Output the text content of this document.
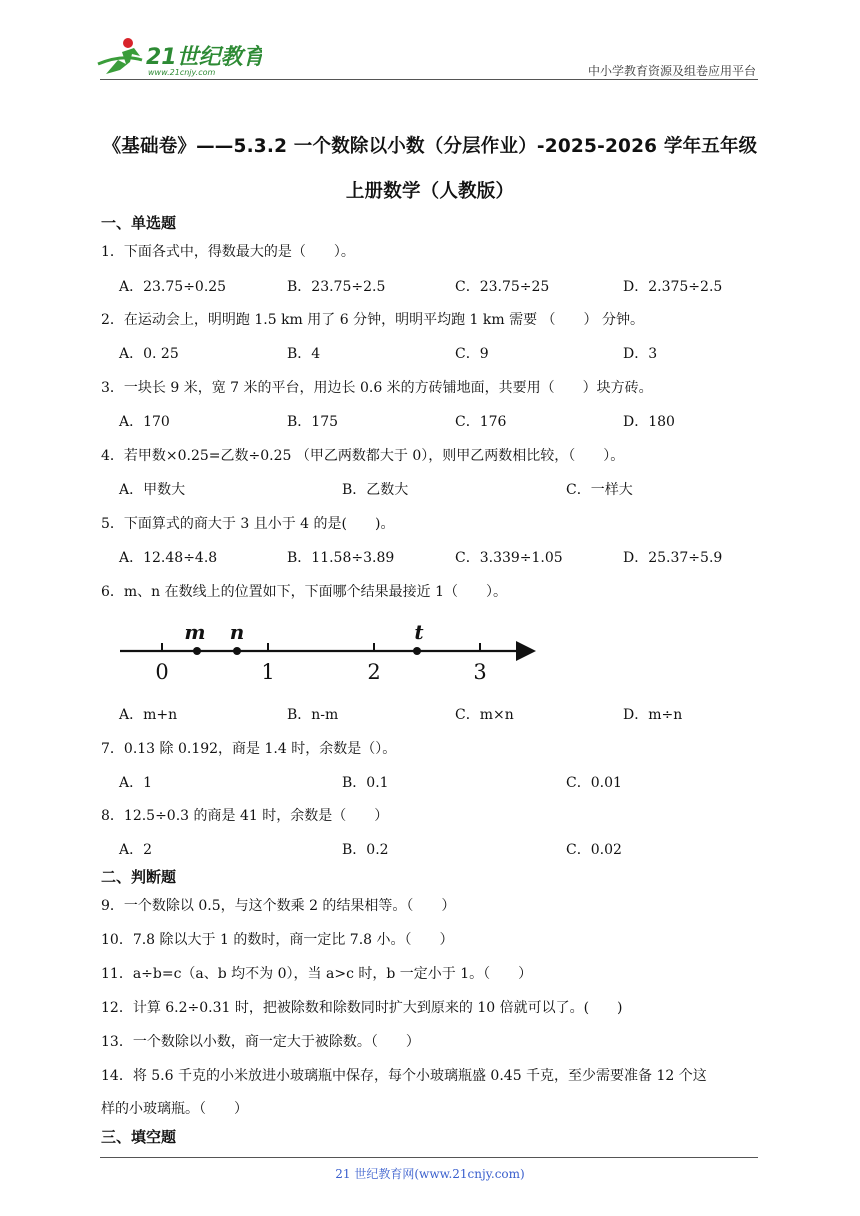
21世纪教育
www.21cnjy.com	中小学教育资源及组卷应用平台
《基础卷》——5.3.2 一个数除以小数（分层作业）-2025-2026 学年五年级
上册数学（人教版）
一、单选题
1．下面各式中，得数最大的是（　　）。
A．23.75÷0.25	B．23.75÷2.5	C．23.75÷25	D．2.375÷2.5
2．在运动会上，明明跑 1.5 km 用了 6 分钟，明明平均跑 1 km 需要 （　　） 分钟。
A．0. 25	B．4	C．9	D．3
3．一块长 9 米，宽 7 米的平台，用边长 0.6 米的方砖铺地面，共要用（　　）块方砖。
A．170	B．175	C．176	D．180
4．若甲数×0.25=乙数÷0.25 （甲乙两数都大于 0），则甲乙两数相比较，（　　）。
A．甲数大	B．乙数大	C．一样大
5．下面算式的商大于 3 且小于 4 的是(　　)。
A．12.48÷4.8	B．11.58÷3.89	C．3.339÷1.05	D．25.37÷5.9
6．m、n 在数线上的位置如下，下面哪个结果最接近 1（　　）。
0	1	2	3
m n	t
A．m+n	B．n-m	C．m×n	D．m÷n
7．0.13 除 0.192，商是 1.4 时，余数是（）。
A．1	B．0.1	C．0.01
8．12.5÷0.3 的商是 41 时，余数是（　　）
A．2	B．0.2	C．0.02
二、判断题
9．一个数除以 0.5，与这个数乘 2 的结果相等。（　　）
10．7.8 除以大于 1 的数时，商一定比 7.8 小。（　　）
11．a÷b=c（a、b 均不为 0），当 a>c 时，b 一定小于 1。（　　）
12．计算 6.2÷0.31 时，把被除数和除数同时扩大到原来的 10 倍就可以了。(　　)
13．一个数除以小数，商一定大于被除数。（　　）
14．将 5.6 千克的小米放进小玻璃瓶中保存，每个小玻璃瓶盛 0.45 千克，至少需要准备 12 个这
样的小玻璃瓶。（　　）
三、填空题
21 世纪教育网(www.21cnjy.com)
